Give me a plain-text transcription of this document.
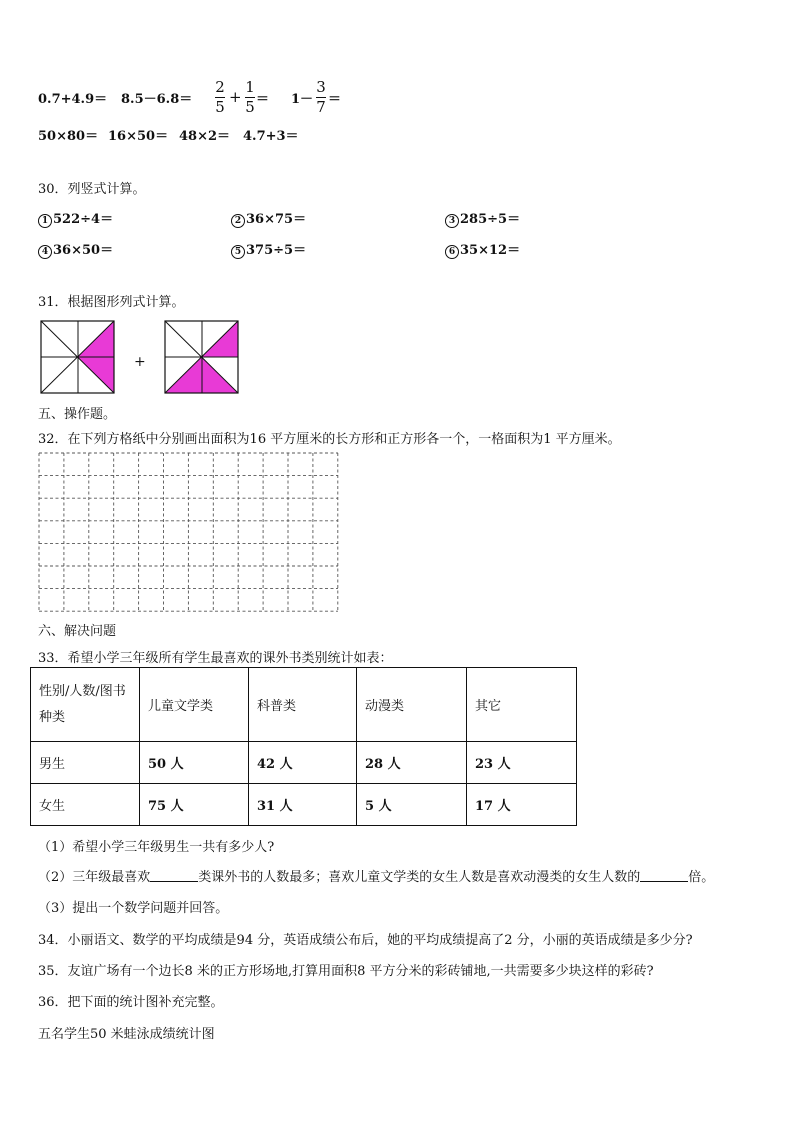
0.7+4.9＝ 8.5－6.8＝
2
5
+
1
5 ＝ 1－
3
7 ＝
50×80＝ 16×50＝ 48×2＝ 4.7+3＝
30．列竖式计算。
1 522÷4＝	2 36×75＝	3 285÷5＝
4 36×50＝	5 375÷5＝	6 35×12＝
31．根据图形列式计算。
+
五、操作题。
32．在下列方格纸中分别画出面积为16 平方厘米的长方形和正方形各一个，一格面积为1 平方厘米。
六、解决问题
33．希望小学三年级所有学生最喜欢的课外书类别统计如表：
性别/人数/图书
种类	儿童文学类	科普类	动漫类	其它
男生	50 人	42 人	28 人	23 人
女生	75 人	31 人	5 人	17 人
（1）希望小学三年级男生一共有多少人?
（2）三年级最喜欢	类课外书的人数最多；喜欢儿童文学类的女生人数是喜欢动漫类的女生人数的	倍。
（3）提出一个数学问题并回答。
34．小丽语文、数学的平均成绩是94 分，英语成绩公布后，她的平均成绩提高了2 分，小丽的英语成绩是多少分?
35．友谊广场有一个边长8 米的正方形场地,打算用面积8 平方分米的彩砖铺地,一共需要多少块这样的彩砖?
36．把下面的统计图补充完整。
五名学生50 米蛙泳成绩统计图
